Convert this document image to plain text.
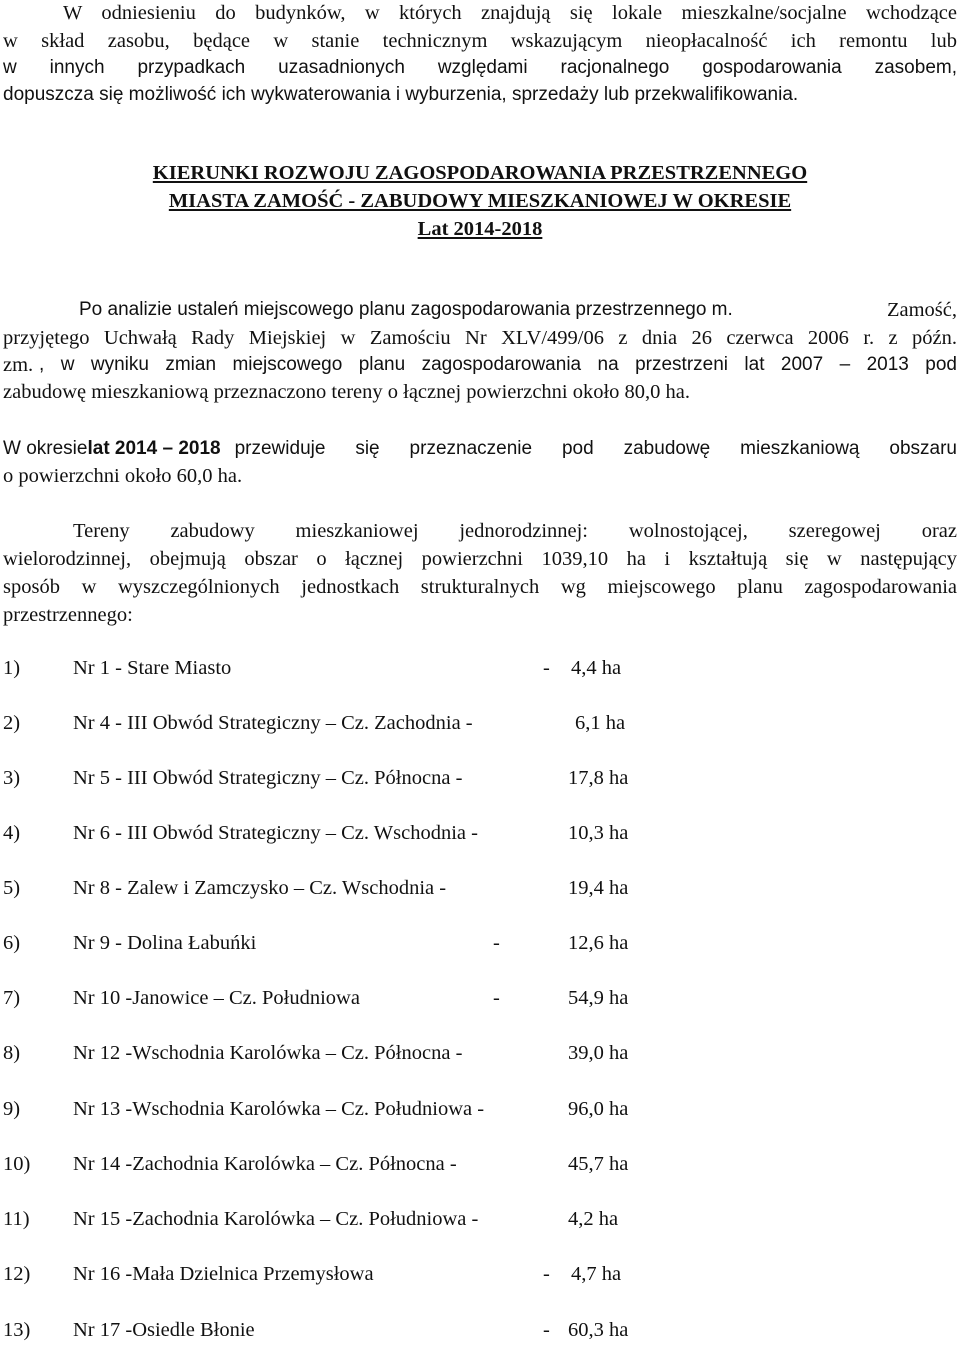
W odniesieniu do budynków, w których znajdują się lokale mieszkalne/socjalne wchodzące
w skład zasobu, będące w stanie technicznym wskazującym nieopłacalność ich remontu lub
w innych przypadkach uzasadnionych względami racjonalnego gospodarowania zasobem,
dopuszcza się możliwość ich wykwaterowania i wyburzenia, sprzedaży lub przekwalifikowania.
KIERUNKI ROZWOJU ZAGOSPODAROWANIA PRZESTRZENNEGO
MIASTA ZAMOŚĆ - ZABUDOWY MIESZKANIOWEJ W OKRESIE
Lat 2014-2018
Po analizie ustaleń miejscowego planu zagospodarowania przestrzennego m.	Zamość,
przyjętego Uchwałą Rady Miejskiej w Zamościu Nr XLV/499/06 z dnia 26 czerwca 2006 r. z późn.
zm. , w wyniku zmian miejscowego planu zagospodarowania na przestrzeni lat 2007 – 2013 pod
zabudowę mieszkaniową przeznaczono tereny o łącznej powierzchni około 80,0 ha.
W okresie lat 2014 – 2018 przewiduje się przeznaczenie pod zabudowę mieszkaniową obszaru
o powierzchni około 60,0 ha.
Tereny zabudowy mieszkaniowej jednorodzinnej: wolnostojącej, szeregowej oraz
wielorodzinnej, obejmują obszar o łącznej powierzchni 1039,10 ha i kształtują się w następujący
sposób w wyszczególnionych jednostkach strukturalnych wg miejscowego planu zagospodarowania
przestrzennego:
1)	Nr 1 - Stare Miasto	- 4,4 ha
2)	Nr 4 - III Obwód Strategiczny – Cz. Zachodnia -	6,1 ha
3)	Nr 5 - III Obwód Strategiczny – Cz. Północna -	17,8 ha
4)	Nr 6 - III Obwód Strategiczny – Cz. Wschodnia -	10,3 ha
5)	Nr 8 - Zalew i Zamczysko – Cz. Wschodnia -	19,4 ha
6)	Nr 9 - Dolina Łabuńki	-	12,6 ha
7)	Nr 10 -Janowice – Cz. Południowa	-	54,9 ha
8)	Nr 12 -Wschodnia Karolówka – Cz. Północna -	39,0 ha
9)	Nr 13 -Wschodnia Karolówka – Cz. Południowa -	96,0 ha
10) Nr 14 -Zachodnia Karolówka – Cz. Północna -	45,7 ha
11) Nr 15 -Zachodnia Karolówka – Cz. Południowa -	4,2 ha
12) Nr 16 -Mała Dzielnica Przemysłowa	- 4,7 ha
13) Nr 17 -Osiedle Błonie	- 60,3 ha
